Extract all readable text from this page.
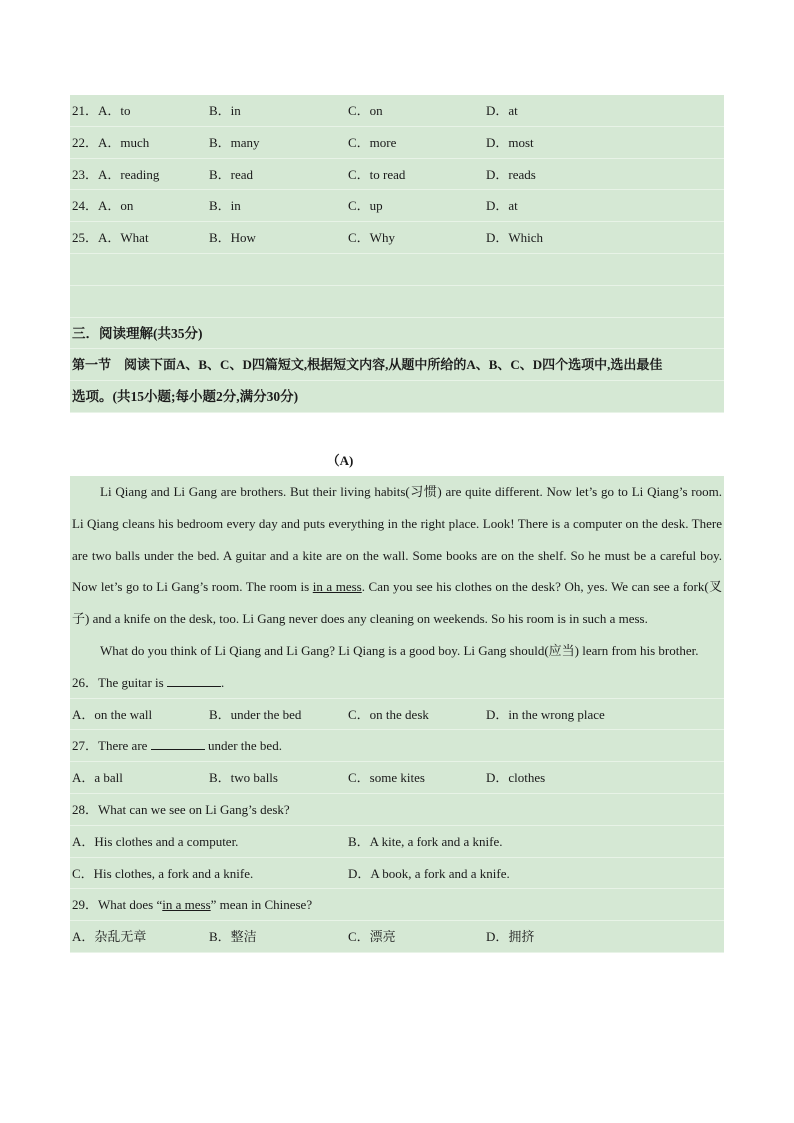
21．A．to	B．in	C．on	D．at
22．A．much	B．many	C．more	D．most
23．A．reading	B．read	C．to read	D．reads
24．A．on	B．in	C．up	D．at
25．A．What	B．How	C．Why	D．Which
三．阅读理解(共35分)
第一节　阅读下面A、B、C、D四篇短文,根据短文内容,从题中所给的A、B、C、D四个选项中,选出最佳
选项。(共15小题;每小题2分,满分30分)
（A)

Li Qiang and Li Gang are brothers. But their living habits(习惯) are quite different. Now let’s go to Li Qiang’s room. Li Qiang cleans his bedroom every day and puts everything in the right place. Look! There is a computer on the desk. There are two balls under the bed. A guitar and a kite are on the wall. Some books are on the shelf. So he must be a careful boy. Now let’s go to Li Gang’s room. The room is in a mess. Can you see his clothes on the desk? Oh, yes. We can see a fork(叉子) and a knife on the desk, too. Li Gang never does any cleaning on weekends. So his room is in such a mess.

What do you think of Li Qiang and Li Gang? Li Qiang is a good boy. Li Gang should(应当) learn from his brother.

26．The guitar is	.
A．on the wall	B．under the bed	C．on the desk	D．in the wrong place
27．There are	under the bed.
A．a ball	B．two balls	C．some kites	D．clothes
28．What can we see on Li Gang’s desk?
A．His clothes and a computer.	B．A kite, a fork and a knife.
C．His clothes, a fork and a knife.	D．A book, a fork and a knife.
29．What does “in a mess” mean in Chinese?
A．杂乱无章	B．整洁	C．漂亮	D．拥挤
